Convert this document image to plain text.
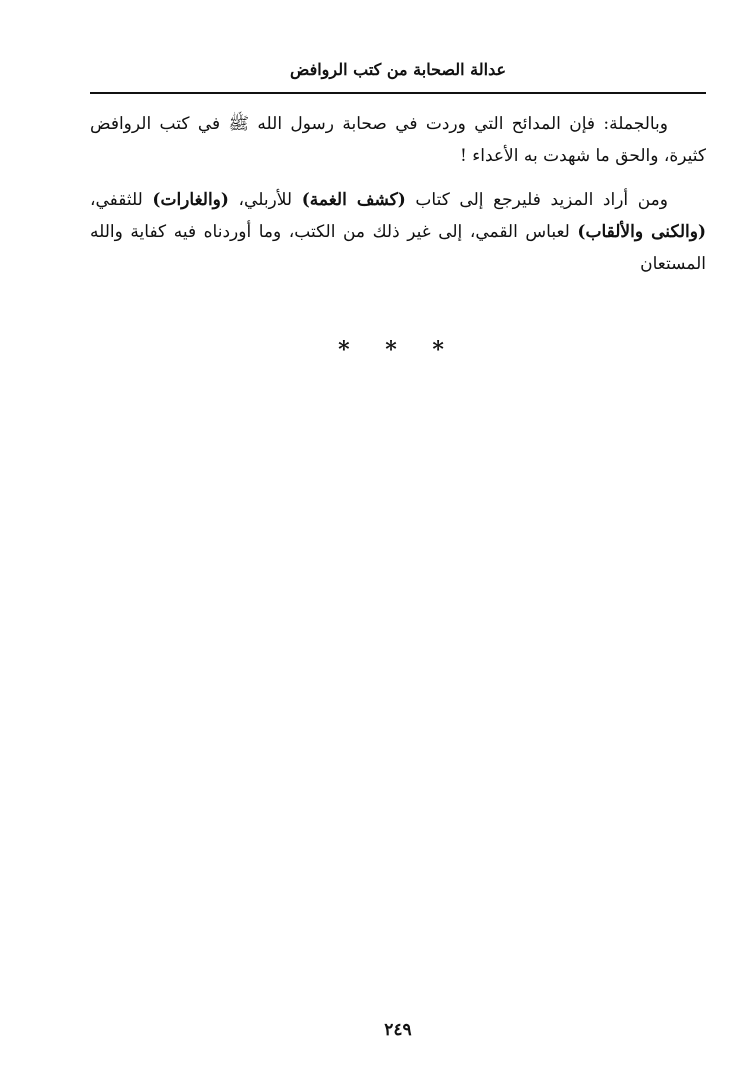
عدالة الصحابة من كتب الروافض

وبالجملة: فإن المدائح التي وردت في صحابة رسول الله ﷺ في كتب الروافض كثيرة، والحق ما شهدت به الأعداء !

ومن أراد المزيد فليرجع إلى كتاب (كشف الغمة) للأربلي، (والغارات) للثقفي، (والكنى والألقاب) لعباس القمي، إلى غير ذلك من الكتب، وما أوردناه فيه كفاية والله المستعان

* * *
٢٤٩
